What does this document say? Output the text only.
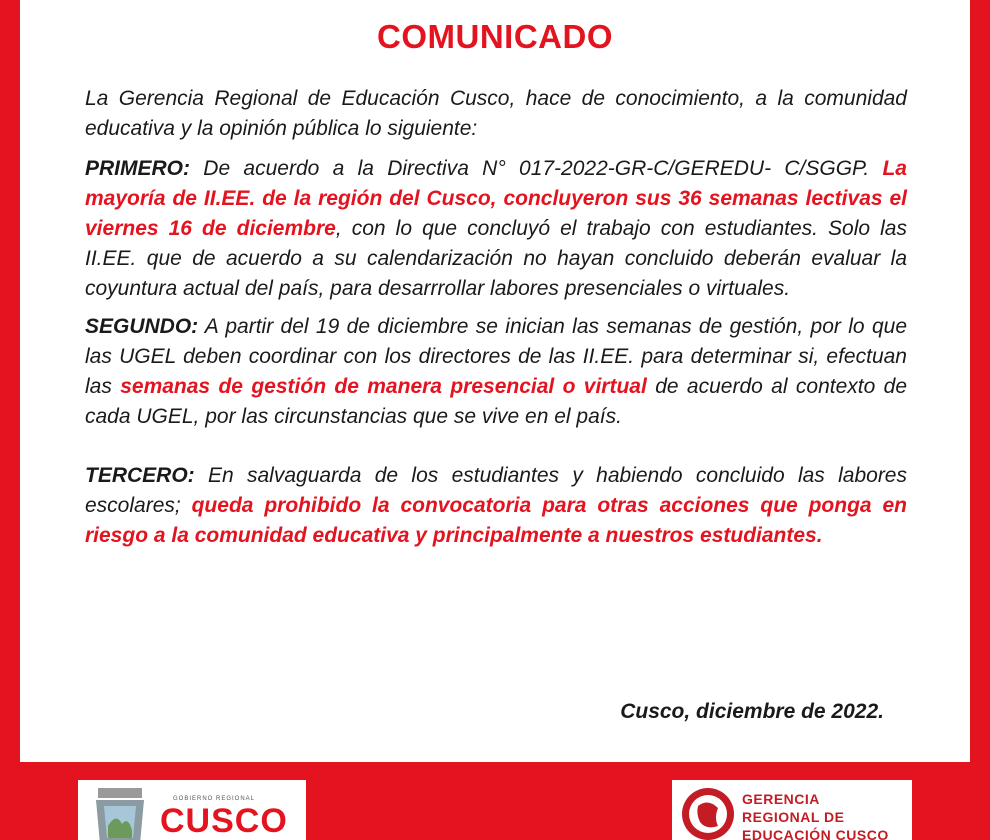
COMUNICADO

La Gerencia Regional de Educación Cusco, hace de conocimiento, a la comunidad educativa y la opinión pública lo siguiente:

PRIMERO: De acuerdo a la Directiva N° 017-2022-GR-C/GEREDU- C/SGGP. La mayoría de II.EE. de la región del Cusco, concluyeron sus 36 semanas lectivas el viernes 16 de diciembre, con lo que concluyó el trabajo con estudiantes. Solo las II.EE. que de acuerdo a su calendarización no hayan concluido deberán evaluar la coyuntura actual del país, para desarrrollar labores presenciales o virtuales.

SEGUNDO: A partir del 19 de diciembre se inician las semanas de gestión, por lo que las UGEL deben coordinar con los directores de las II.EE. para determinar si, efectuan las semanas de gestión de manera presencial o virtual de acuerdo al contexto de cada UGEL, por las circunstancias que se vive en el país.

TERCERO: En salvaguarda de los estudiantes y habiendo concluido las labores escolares; queda prohibido la convocatoria para otras acciones que ponga en riesgo a la comunidad educativa y principalmente a nuestros estudiantes.

Cusco, diciembre de 2022.
GOBIERNO REGIONAL
CUSCO
GERENCIA
REGIONAL DE
EDUCACIÓN CUSCO
